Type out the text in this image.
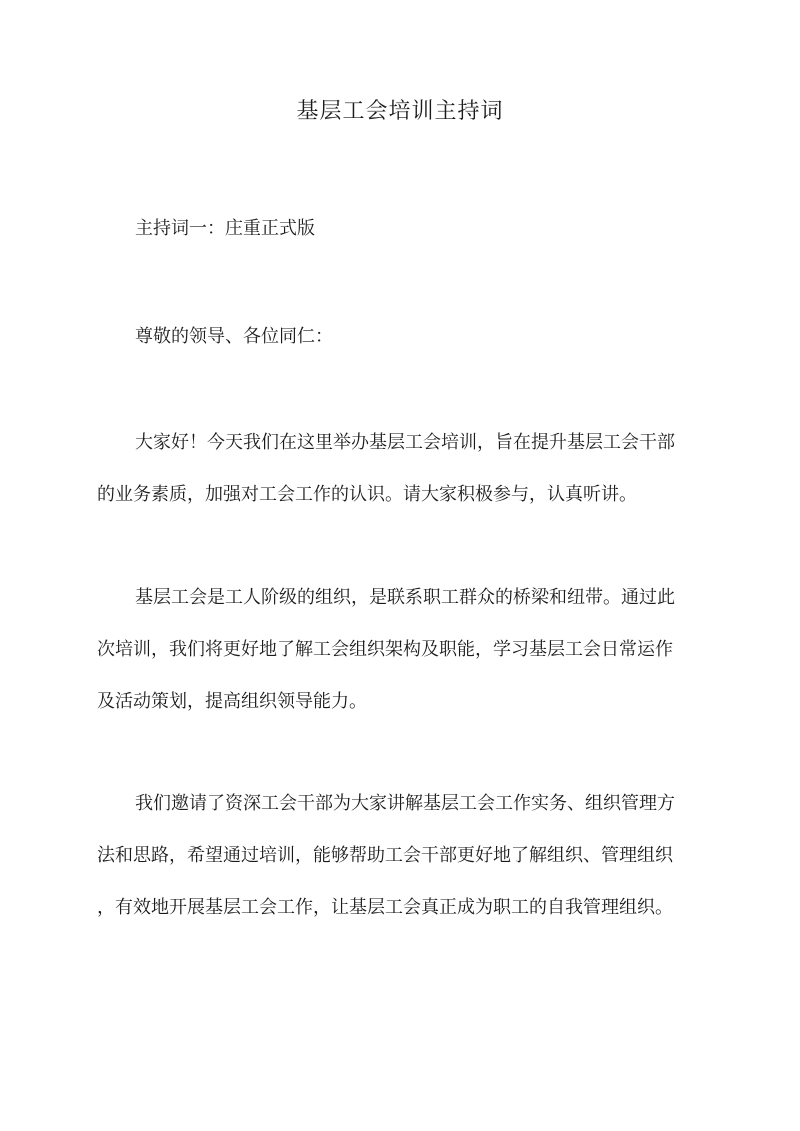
基层工会培训主持词

主持词一：庄重正式版

尊敬的领导、各位同仁：

大家好！今天我们在这里举办基层工会培训，旨在提升基层工会干部
的业务素质，加强对工会工作的认识。请大家积极参与，认真听讲。

基层工会是工人阶级的组织，是联系职工群众的桥梁和纽带。通过此
次培训，我们将更好地了解工会组织架构及职能，学习基层工会日常运作
及活动策划，提高组织领导能力。

我们邀请了资深工会干部为大家讲解基层工会工作实务、组织管理方
法和思路，希望通过培训，能够帮助工会干部更好地了解组织、管理组织
，有效地开展基层工会工作，让基层工会真正成为职工的自我管理组织。
